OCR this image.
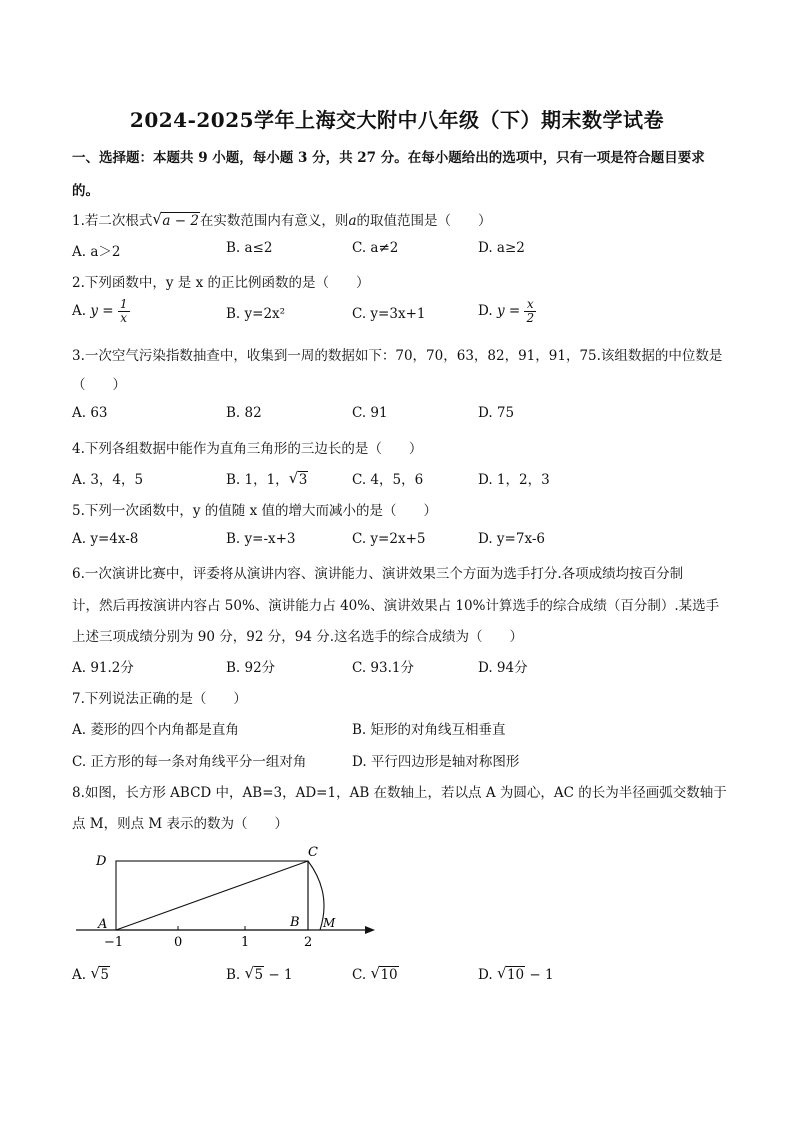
2024-2025学年上海交大附中八年级（下）期末数学试卷
一、选择题：本题共 9 小题，每小题 3 分，共 27 分。在每小题给出的选项中，只有一项是符合题目要求
的。
1.若二次根式 √ a − 2在实数范围内有意义，则a的取值范围是（　　）
A. a＞2	B. a≤2	C. a≠2	D. a≥2
2.下列函数中，y 是 x 的正比例函数的是（　　）
A. $y = \frac{1}{x}$	B. y=2x²	C. y=3x+1	D. $y = \frac{x}{2}$
3.一次空气污染指数抽查中，收集到一周的数据如下：70，70，63，82，91，91，75.该组数据的中位数是
（　　）
A. 63	B. 82	C. 91	D. 75
4.下列各组数据中能作为直角三角形的三边长的是（　　）
A. 3，4，5	B. 1，1， √ 3	C. 4，5，6	D. 1，2，3
5.下列一次函数中，y 的值随 x 值的增大而减小的是（　　）
A. y=4x-8	B. y=-x+3	C. y=2x+5	D. y=7x-6
6.一次演讲比赛中，评委将从演讲内容、演讲能力、演讲效果三个方面为选手打分.各项成绩均按百分制
计，然后再按演讲内容占 50%、演讲能力占 40%、演讲效果占 10%计算选手的综合成绩（百分制）.某选手
上述三项成绩分别为 90 分，92 分，94 分.这名选手的综合成绩为（　　）
A. 91.2分	B. 92分	C. 93.1分	D. 94分
7.下列说法正确的是（　　）
A. 菱形的四个内角都是直角	B. 矩形的对角线互相垂直
C. 正方形的每一条对角线平分一组对角	D. 平行四边形是轴对称图形
8.如图，长方形 ABCD 中，AB=3，AD=1，AB 在数轴上，若以点 A 为圆心，AC 的长为半径画弧交数轴于
点 M，则点 M 表示的数为（　　）
D
C
A	B M
−1	0	1	2
A. √ 5	B. √ 5 − 1	C. √ 10	D. √ 10 − 1
